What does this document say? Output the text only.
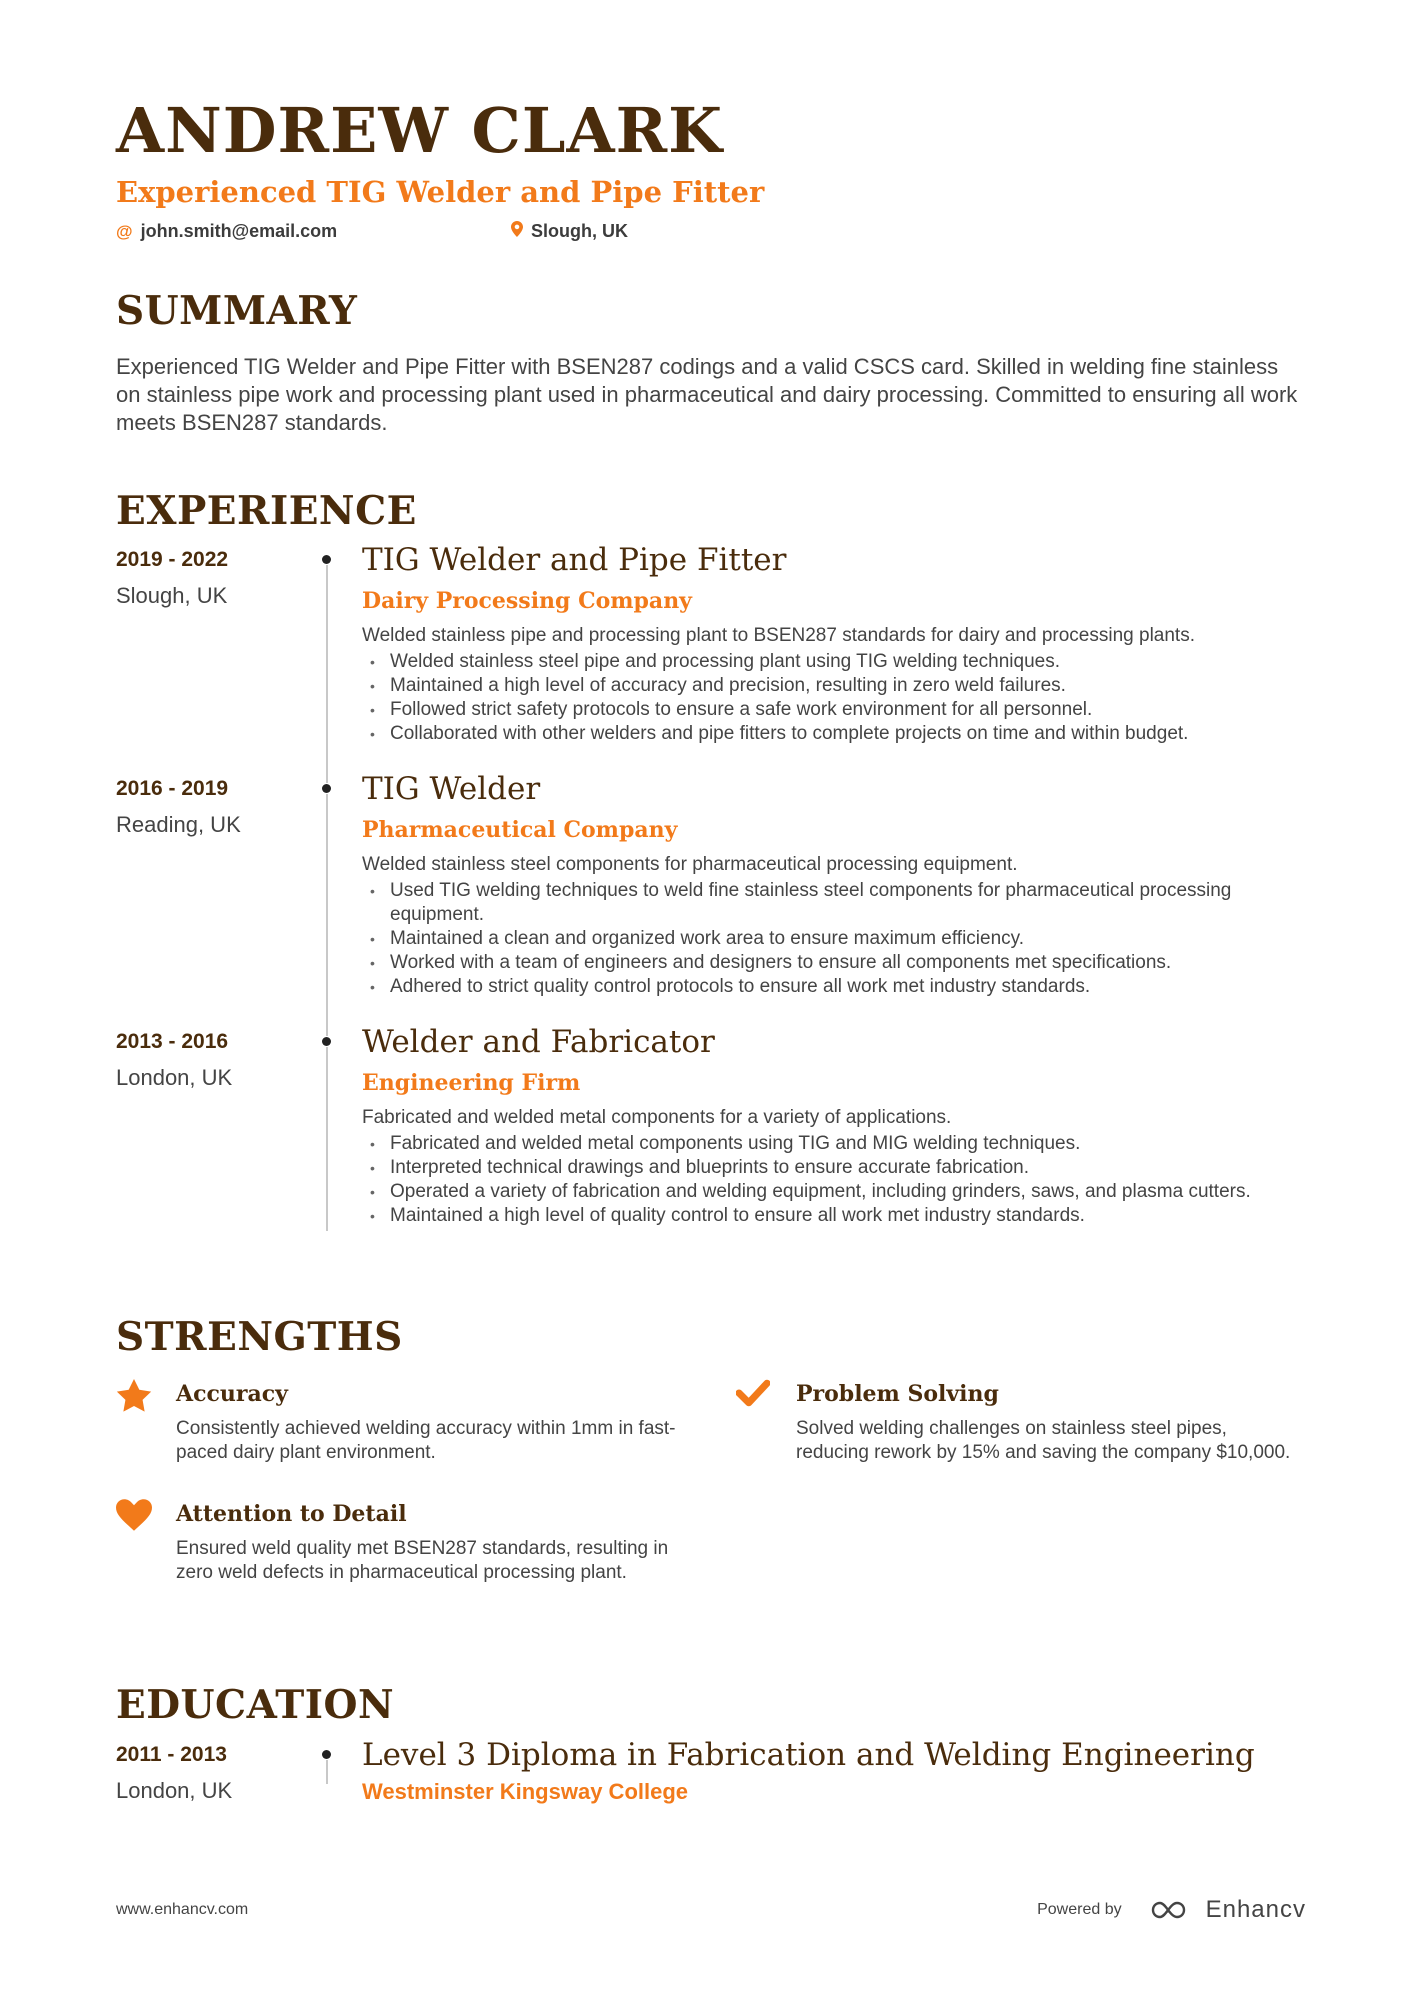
ANDREW CLARK
Experienced TIG Welder and Pipe Fitter
@ john.smith@email.com	Slough, UK
SUMMARY
Experienced TIG Welder and Pipe Fitter with BSEN287 codings and a valid CSCS card. Skilled in welding fine stainless on stainless pipe work and processing plant used in pharmaceutical and dairy processing. Committed to ensuring all work meets BSEN287 standards.
EXPERIENCE
2019 - 2022
Slough, UK
TIG Welder and Pipe Fitter
Dairy Processing Company
Welded stainless pipe and processing plant to BSEN287 standards for dairy and processing plants.
• Welded stainless steel pipe and processing plant using TIG welding techniques.
• Maintained a high level of accuracy and precision, resulting in zero weld failures.
• Followed strict safety protocols to ensure a safe work environment for all personnel.
• Collaborated with other welders and pipe fitters to complete projects on time and within budget.
2016 - 2019
Reading, UK
TIG Welder
Pharmaceutical Company
Welded stainless steel components for pharmaceutical processing equipment.
• Used TIG welding techniques to weld fine stainless steel components for pharmaceutical processing equipment.
• Maintained a clean and organized work area to ensure maximum efficiency.
• Worked with a team of engineers and designers to ensure all components met specifications.
• Adhered to strict quality control protocols to ensure all work met industry standards.
2013 - 2016
London, UK
Welder and Fabricator
Engineering Firm
Fabricated and welded metal components for a variety of applications.
• Fabricated and welded metal components using TIG and MIG welding techniques.
• Interpreted technical drawings and blueprints to ensure accurate fabrication.
• Operated a variety of fabrication and welding equipment, including grinders, saws, and plasma cutters.
• Maintained a high level of quality control to ensure all work met industry standards.
STRENGTHS
Accuracy
Consistently achieved welding accuracy within 1mm in fast-paced dairy plant environment.
Problem Solving
Solved welding challenges on stainless steel pipes, reducing rework by 15% and saving the company $10,000.
Attention to Detail
Ensured weld quality met BSEN287 standards, resulting in zero weld defects in pharmaceutical processing plant.
EDUCATION
2011 - 2013
London, UK
Level 3 Diploma in Fabrication and Welding Engineering
Westminster Kingsway College
www.enhancv.com	Powered by	Enhancv
